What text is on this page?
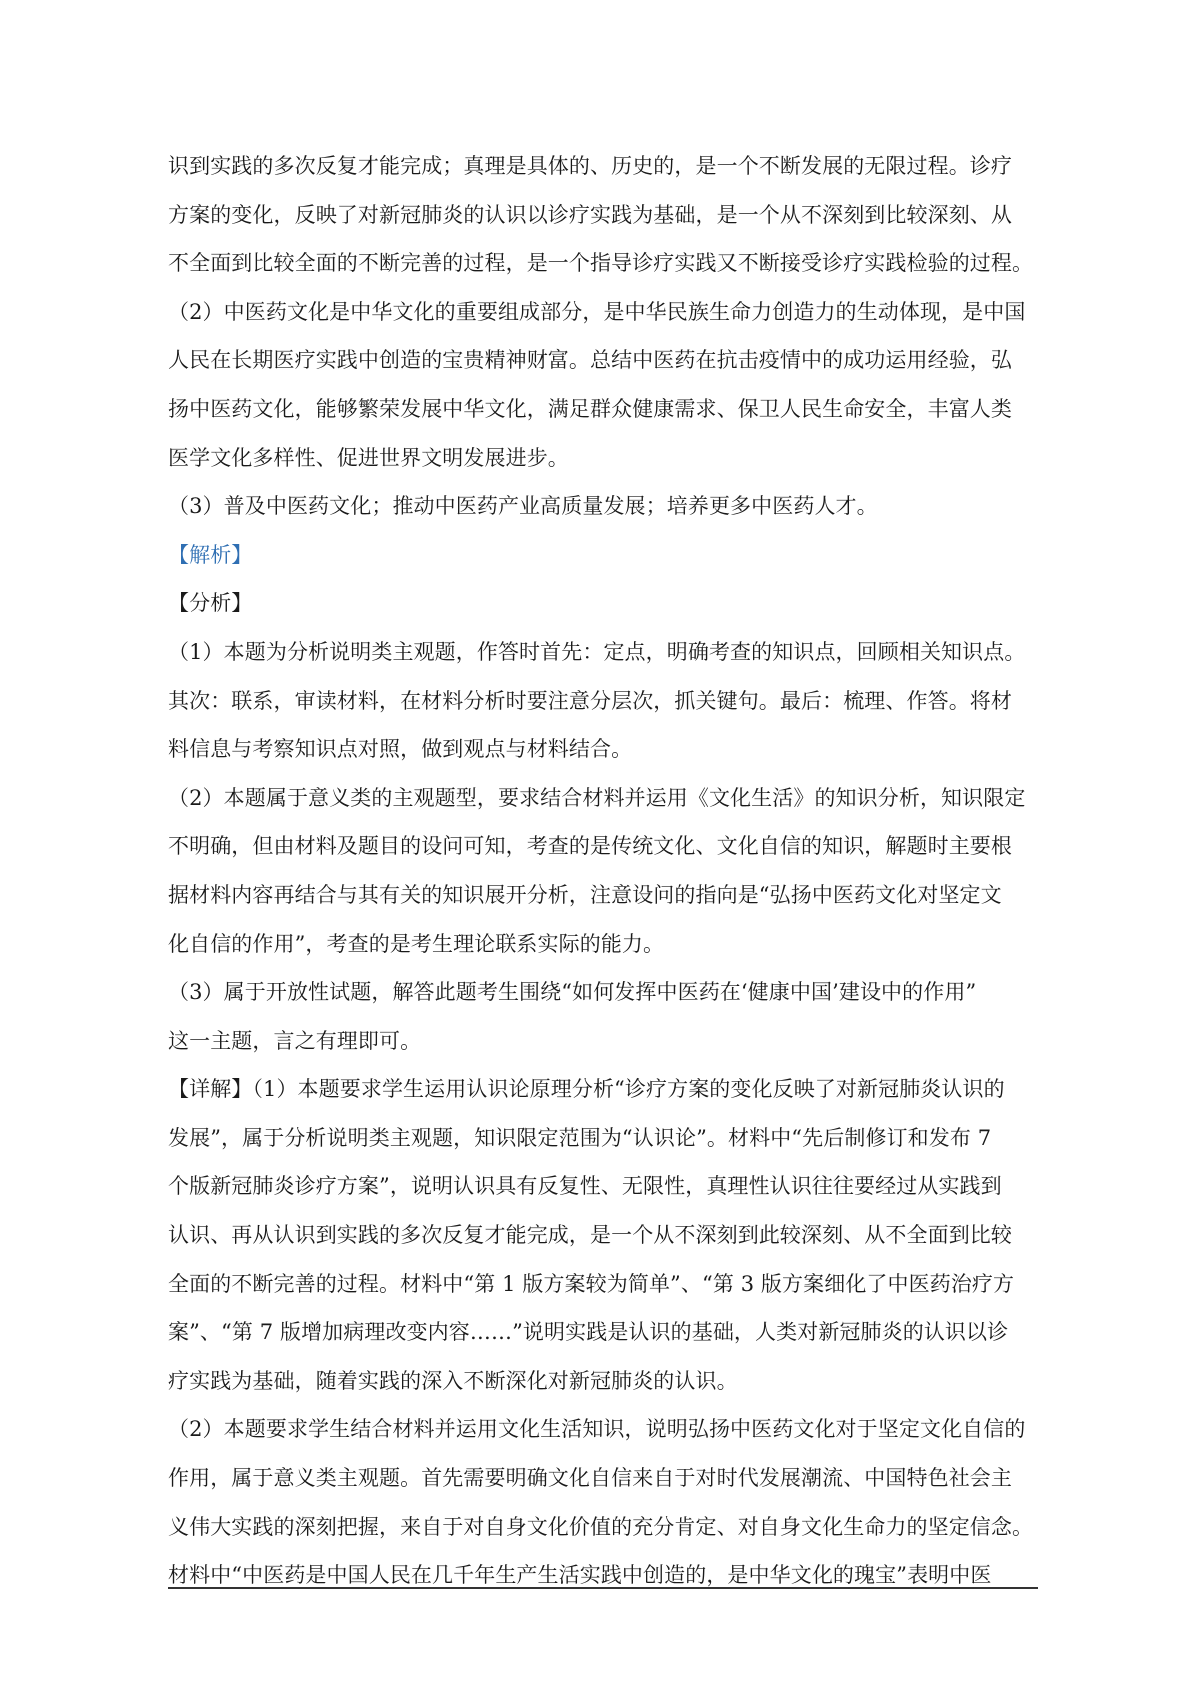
识到实践的多次反复才能完成；真理是具体的、历史的，是一个不断发展的无限过程。诊疗
方案的变化，反映了对新冠肺炎的认识以诊疗实践为基础，是一个从不深刻到比较深刻、从
不全面到比较全面的不断完善的过程，是一个指导诊疗实践又不断接受诊疗实践检验的过程。
（2）中医药文化是中华文化的重要组成部分，是中华民族生命力创造力的生动体现，是中国
人民在长期医疗实践中创造的宝贵精神财富。总结中医药在抗击疫情中的成功运用经验，弘
扬中医药文化，能够繁荣发展中华文化，满足群众健康需求、保卫人民生命安全，丰富人类
医学文化多样性、促进世界文明发展进步。
（3）普及中医药文化；推动中医药产业高质量发展；培养更多中医药人才。
【解析】
【分析】
（1）本题为分析说明类主观题，作答时首先：定点，明确考查的知识点，回顾相关知识点。
其次：联系，审读材料，在材料分析时要注意分层次，抓关键句。最后：梳理、作答。将材
料信息与考察知识点对照，做到观点与材料结合。
（2）本题属于意义类的主观题型，要求结合材料并运用《文化生活》的知识分析，知识限定
不明确，但由材料及题目的设问可知，考查的是传统文化、文化自信的知识，解题时主要根
据材料内容再结合与其有关的知识展开分析，注意设问的指向是“弘扬中医药文化对坚定文
化自信的作用”，考查的是考生理论联系实际的能力。
（3）属于开放性试题，解答此题考生围绕“如何发挥中医药在‘健康中国’建设中的作用”
这一主题，言之有理即可。
【详解】（1）本题要求学生运用认识论原理分析“诊疗方案的变化反映了对新冠肺炎认识的
发展”，属于分析说明类主观题，知识限定范围为“认识论”。材料中“先后制修订和发布 7
个版新冠肺炎诊疗方案”，说明认识具有反复性、无限性，真理性认识往往要经过从实践到
认识、再从认识到实践的多次反复才能完成，是一个从不深刻到此较深刻、从不全面到比较
全面的不断完善的过程。材料中“第 1 版方案较为简单”、“第 3 版方案细化了中医药治疗方
案”、“第 7 版增加病理改变内容……”说明实践是认识的基础，人类对新冠肺炎的认识以诊
疗实践为基础，随着实践的深入不断深化对新冠肺炎的认识。
（2）本题要求学生结合材料并运用文化生活知识，说明弘扬中医药文化对于坚定文化自信的
作用，属于意义类主观题。首先需要明确文化自信来自于对时代发展潮流、中国特色社会主
义伟大实践的深刻把握，来自于对自身文化价值的充分肯定、对自身文化生命力的坚定信念。
材料中“中医药是中国人民在几千年生产生活实践中创造的，是中华文化的瑰宝”表明中医
